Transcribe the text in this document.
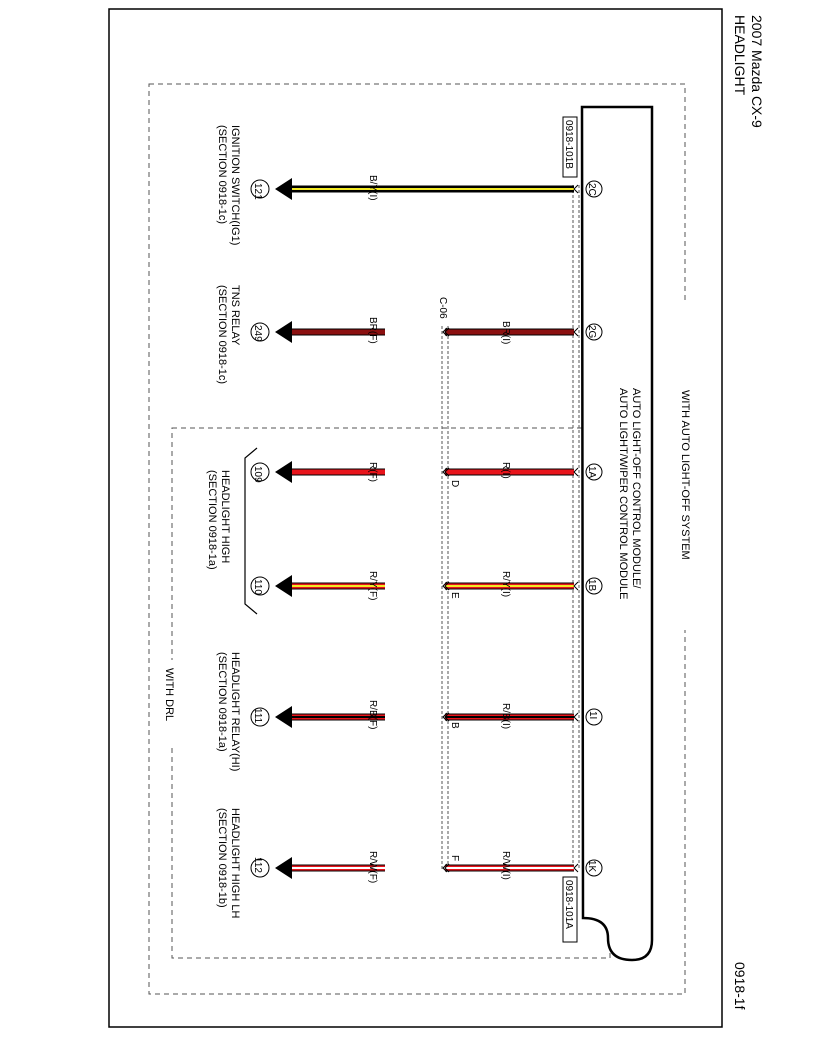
2007 Mazda CX-9
HEADLIGHT
0918-1f
WITH AUTO LIGHT-OFF SYSTEM
WITH DRL
AUTO LIGHT-OFF CONTROL MODULE/
AUTO LIGHT/WIPER CONTROL MODULE
0918-101B
0918-101A
C-06
2C
2G
1A
1B
1I
1K
B/Y(I)
BR(I)
BR(F)
R(I)
R(F)
R/Y(I)
R/Y(F)
R/B(I)
R/B(F)
R/W(I)
R/W(F)
D
E
B
F
121
249
109
110
111
112
IGNITION SWITCH(IG1)
(SECTION 0918-1c)
TNS RELAY
(SECTION 0918-1c)
HEADLIGHT HIGH
(SECTION 0918-1a)
HEADLIGHT RELAY(HI)
(SECTION 0918-1a)
HEADLIGHT HIGH LH
(SECTION 0918-1b)
